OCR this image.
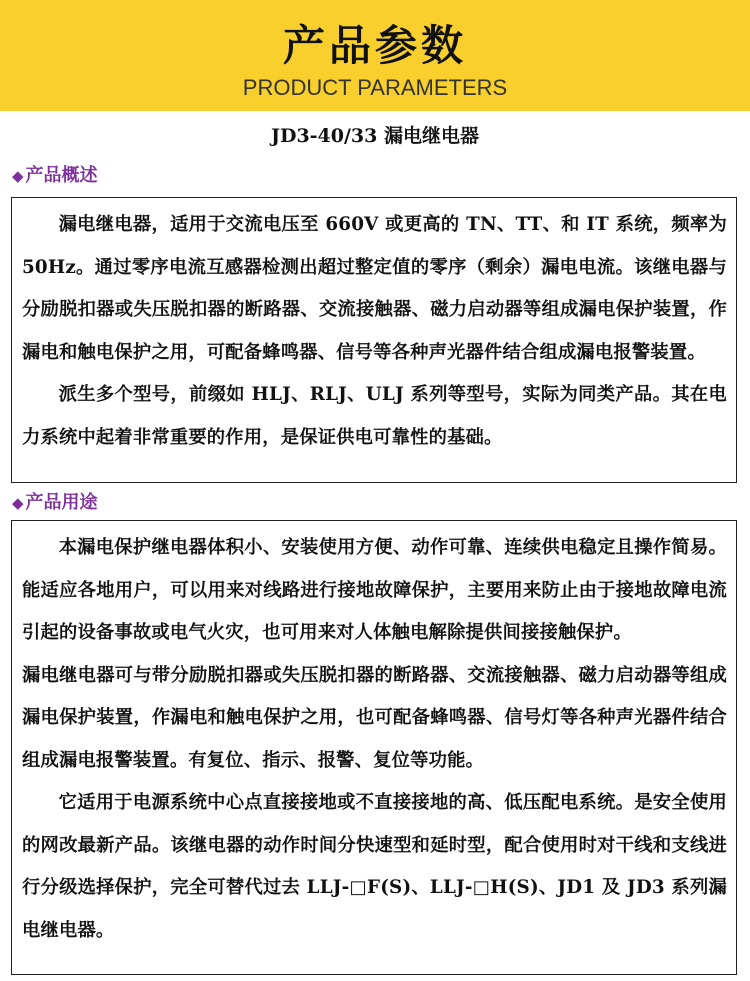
产品参数
PRODUCT PARAMETERS
JD3-40/33 漏电继电器
◆ 产品概述

漏电继电器，适用于交流电压至 660V 或更高的 TN、TT、和 IT 系统，频率为 50Hz。通过零序电流互感器检测出超过整定值的零序（剩余）漏电电流。该继电器与分励脱扣器或失压脱扣器的断路器、交流接触器、磁力启动器等组成漏电保护装置，作漏电和触电保护之用，可配备蜂鸣器、信号等各种声光器件结合组成漏电报警装置。

派生多个型号，前缀如 HLJ、RLJ、ULJ 系列等型号，实际为同类产品。其在电力系统中起着非常重要的作用，是保证供电可靠性的基础。

◆ 产品用途

本漏电保护继电器体积小、安装使用方便、动作可靠、连续供电稳定且操作简易。能适应各地用户，可以用来对线路进行接地故障保护，主要用来防止由于接地故障电流引起的设备事故或电气火灾，也可用来对人体触电解除提供间接接触保护。

漏电继电器可与带分励脱扣器或失压脱扣器的断路器、交流接触器、磁力启动器等组成漏电保护装置，作漏电和触电保护之用，也可配备蜂鸣器、信号灯等各种声光器件结合组成漏电报警装置。有复位、指示、报警、复位等功能。

它适用于电源系统中心点直接接地或不直接接地的高、低压配电系统。是安全使用的网改最新产品。该继电器的动作时间分快速型和延时型，配合使用时对干线和支线进行分级选择保护，完全可替代过去 LLJ-□F(S)、LLJ-□H(S)、JD1 及 JD3 系列漏电继电器。
